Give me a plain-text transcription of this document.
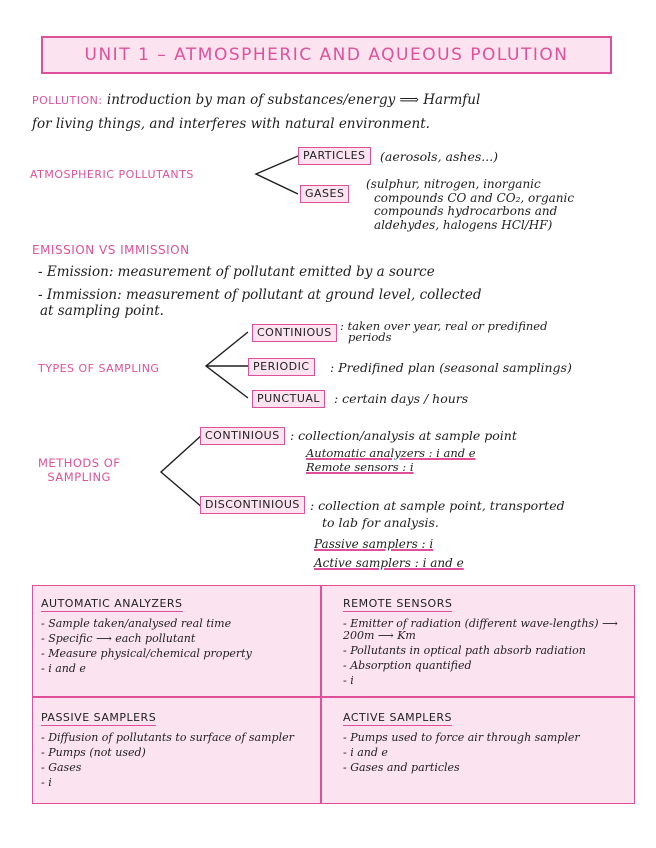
UNIT 1 – ATMOSPHERIC AND AQUEOUS POLUTION
POLLUTION: introduction by man of substances/energy ⟹ Harmful
for living things, and interferes with natural environment.
ATMOSPHERIC POLLUTANTS
PARTICLES	(aerosols, ashes...)
GASES
(sulphur, nitrogen, inorganic
compounds CO and CO₂, organic
compounds hydrocarbons and
aldehydes, halogens HCl/HF)
EMISSION VS IMMISSION
- Emission: measurement of pollutant emitted by a source
- Immission: measurement of pollutant at ground level, collected
at sampling point.
TYPES OF SAMPLING
CONTINIOUS : taken over year, real or predifined
periods
PERIODIC	: Predifined plan (seasonal samplings)
PUNCTUAL	: certain days / hours
METHODS OF
SAMPLING
CONTINIOUS : collection/analysis at sample point
Automatic analyzers : i and e
Remote sensors : i
DISCONTINIOUS : collection at sample point, transported
to lab for analysis.
Passive samplers : i
Active samplers : i and e
AUTOMATIC ANALYZERS
- Sample taken/analysed real time
- Specific ⟶ each pollutant
- Measure physical/chemical property
- i and e
REMOTE SENSORS
- Emitter of radiation (different wave-lengths) ⟶ 200m ⟶ Km
- Pollutants in optical path absorb radiation
- Absorption quantified
- i
PASSIVE SAMPLERS
- Diffusion of pollutants to surface of sampler
- Pumps (not used)
- Gases
- i
ACTIVE SAMPLERS
- Pumps used to force air through sampler
- i and e
- Gases and particles
